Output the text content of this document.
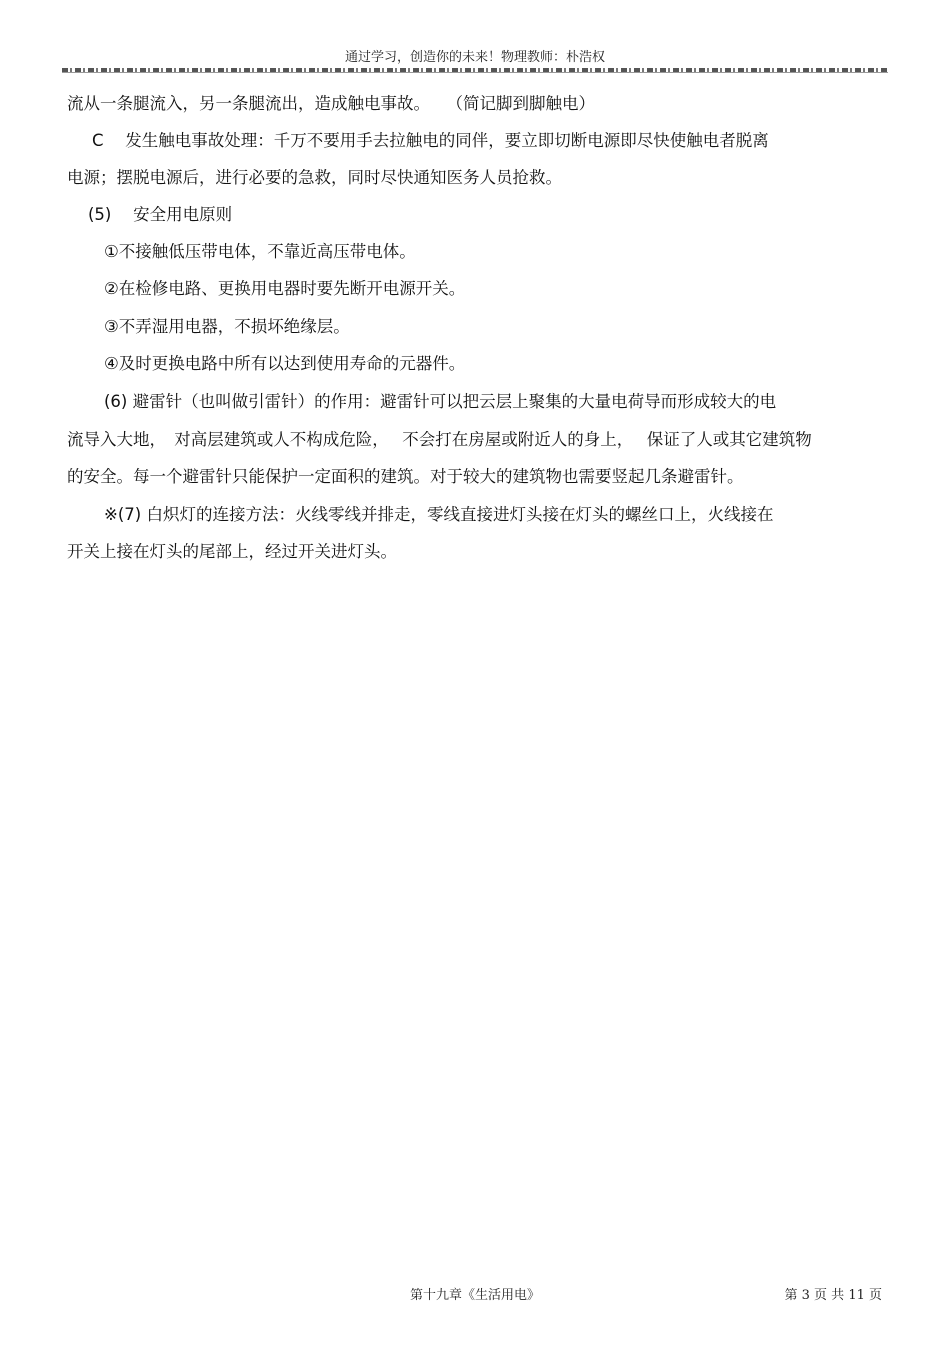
通过学习，创造你的未来！物理教师：朴浩权
流从一条腿流入，另一条腿流出，造成触电事故。　　（简记脚到脚触电）
C　 发生触电事故处理：千万不要用手去拉触电的同伴，要立即切断电源即尽快使触电者脱离
电源；摆脱电源后，进行必要的急救，同时尽快通知医务人员抢救。
(5)　 安全用电原则
①不接触低压带电体，不靠近高压带电体。
②在检修电路、更换用电器时要先断开电源开关。
③不弄湿用电器，不损坏绝缘层。
④及时更换电路中所有以达到使用寿命的元器件。
(6) 避雷针（也叫做引雷针）的作用：避雷针可以把云层上聚集的大量电荷导而形成较大的电
流导入大地，　对高层建筑或人不构成危险，　 不会打在房屋或附近人的身上，　 保证了人或其它建筑物
的安全。每一个避雷针只能保护一定面积的建筑。对于较大的建筑物也需要竖起几条避雷针。
※(7) 白炽灯的连接方法：火线零线并排走，零线直接进灯头接在灯头的螺丝口上，火线接在
开关上接在灯头的尾部上，经过开关进灯头。
第十九章《生活用电》	第 3 页 共 11 页
